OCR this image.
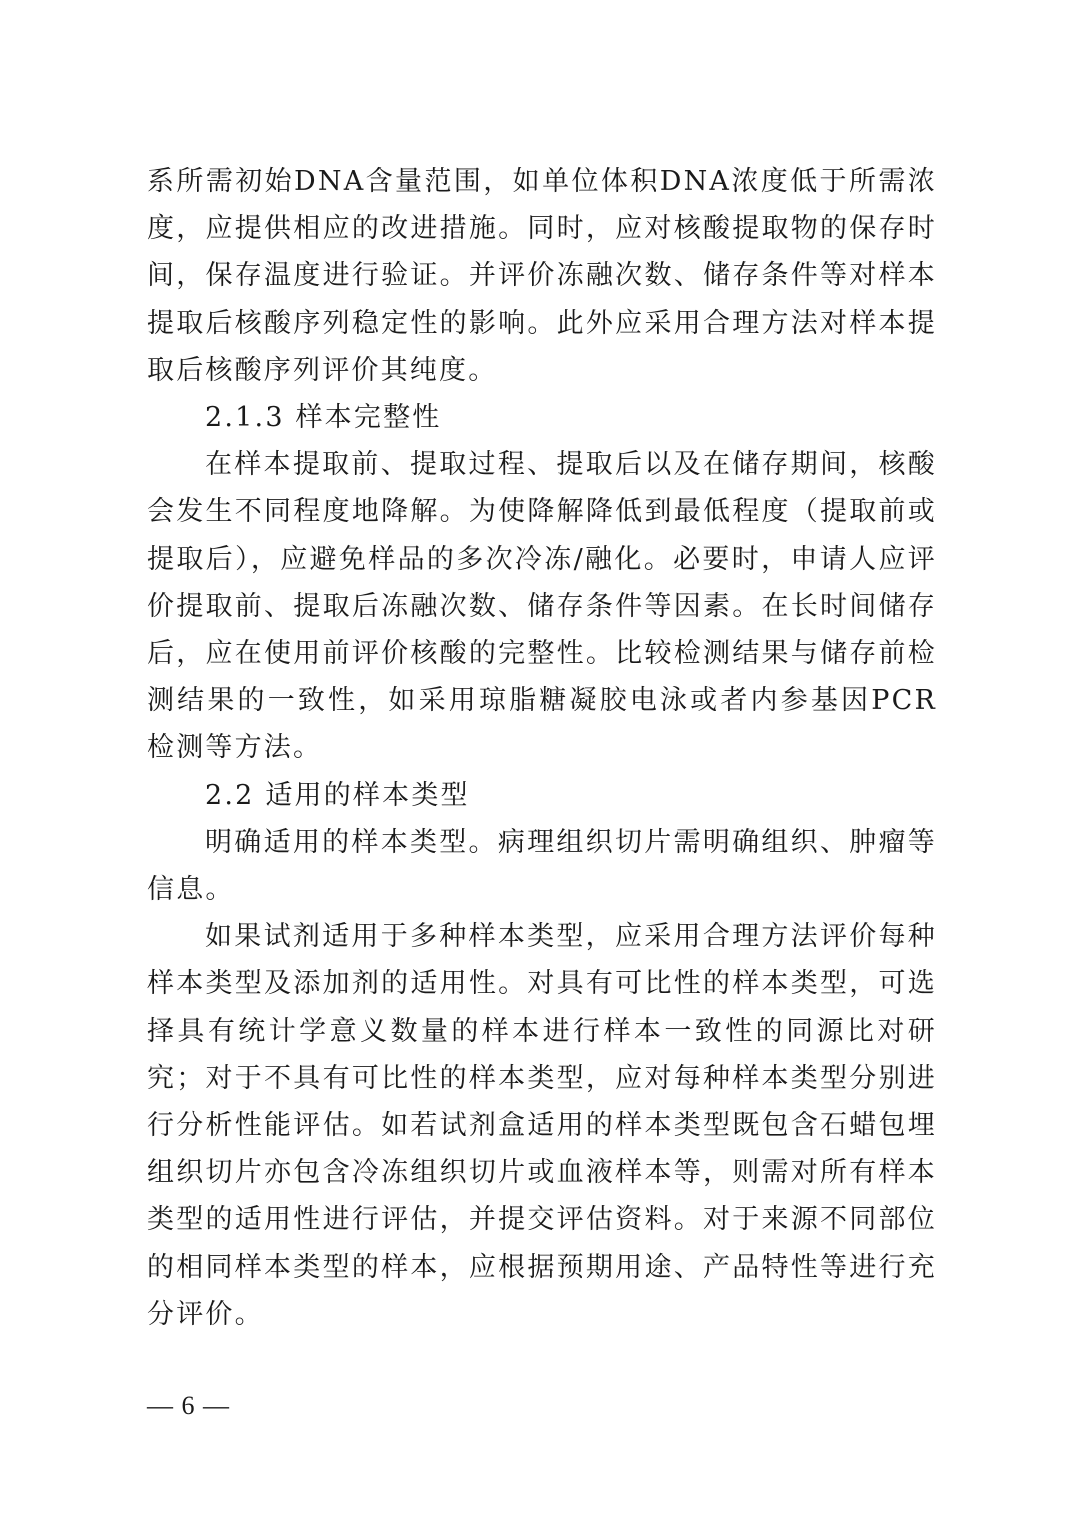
系所需初始DNA含量范围，如单位体积DNA浓度低于所需浓度，应提供相应的改进措施。同时，应对核酸提取物的保存时间，保存温度进行验证。并评价冻融次数、储存条件等对样本提取后核酸序列稳定性的影响。此外应采用合理方法对样本提取后核酸序列评价其纯度。

2.1.3 样本完整性

在样本提取前、提取过程、提取后以及在储存期间，核酸会发生不同程度地降解。为使降解降低到最低程度（提取前或提取后），应避免样品的多次冷冻/融化。必要时，申请人应评价提取前、提取后冻融次数、储存条件等因素。在长时间储存后，应在使用前评价核酸的完整性。比较检测结果与储存前检测结果的一致性，如采用琼脂糖凝胶电泳或者内参基因PCR检测等方法。

2.2 适用的样本类型

明确适用的样本类型。病理组织切片需明确组织、肿瘤等信息。

如果试剂适用于多种样本类型，应采用合理方法评价每种样本类型及添加剂的适用性。对具有可比性的样本类型，可选择具有统计学意义数量的样本进行样本一致性的同源比对研究；对于不具有可比性的样本类型，应对每种样本类型分别进行分析性能评估。如若试剂盒适用的样本类型既包含石蜡包埋组织切片亦包含冷冻组织切片或血液样本等，则需对所有样本类型的适用性进行评估，并提交评估资料。对于来源不同部位的相同样本类型的样本，应根据预期用途、产品特性等进行充分评价。

— 6 —
